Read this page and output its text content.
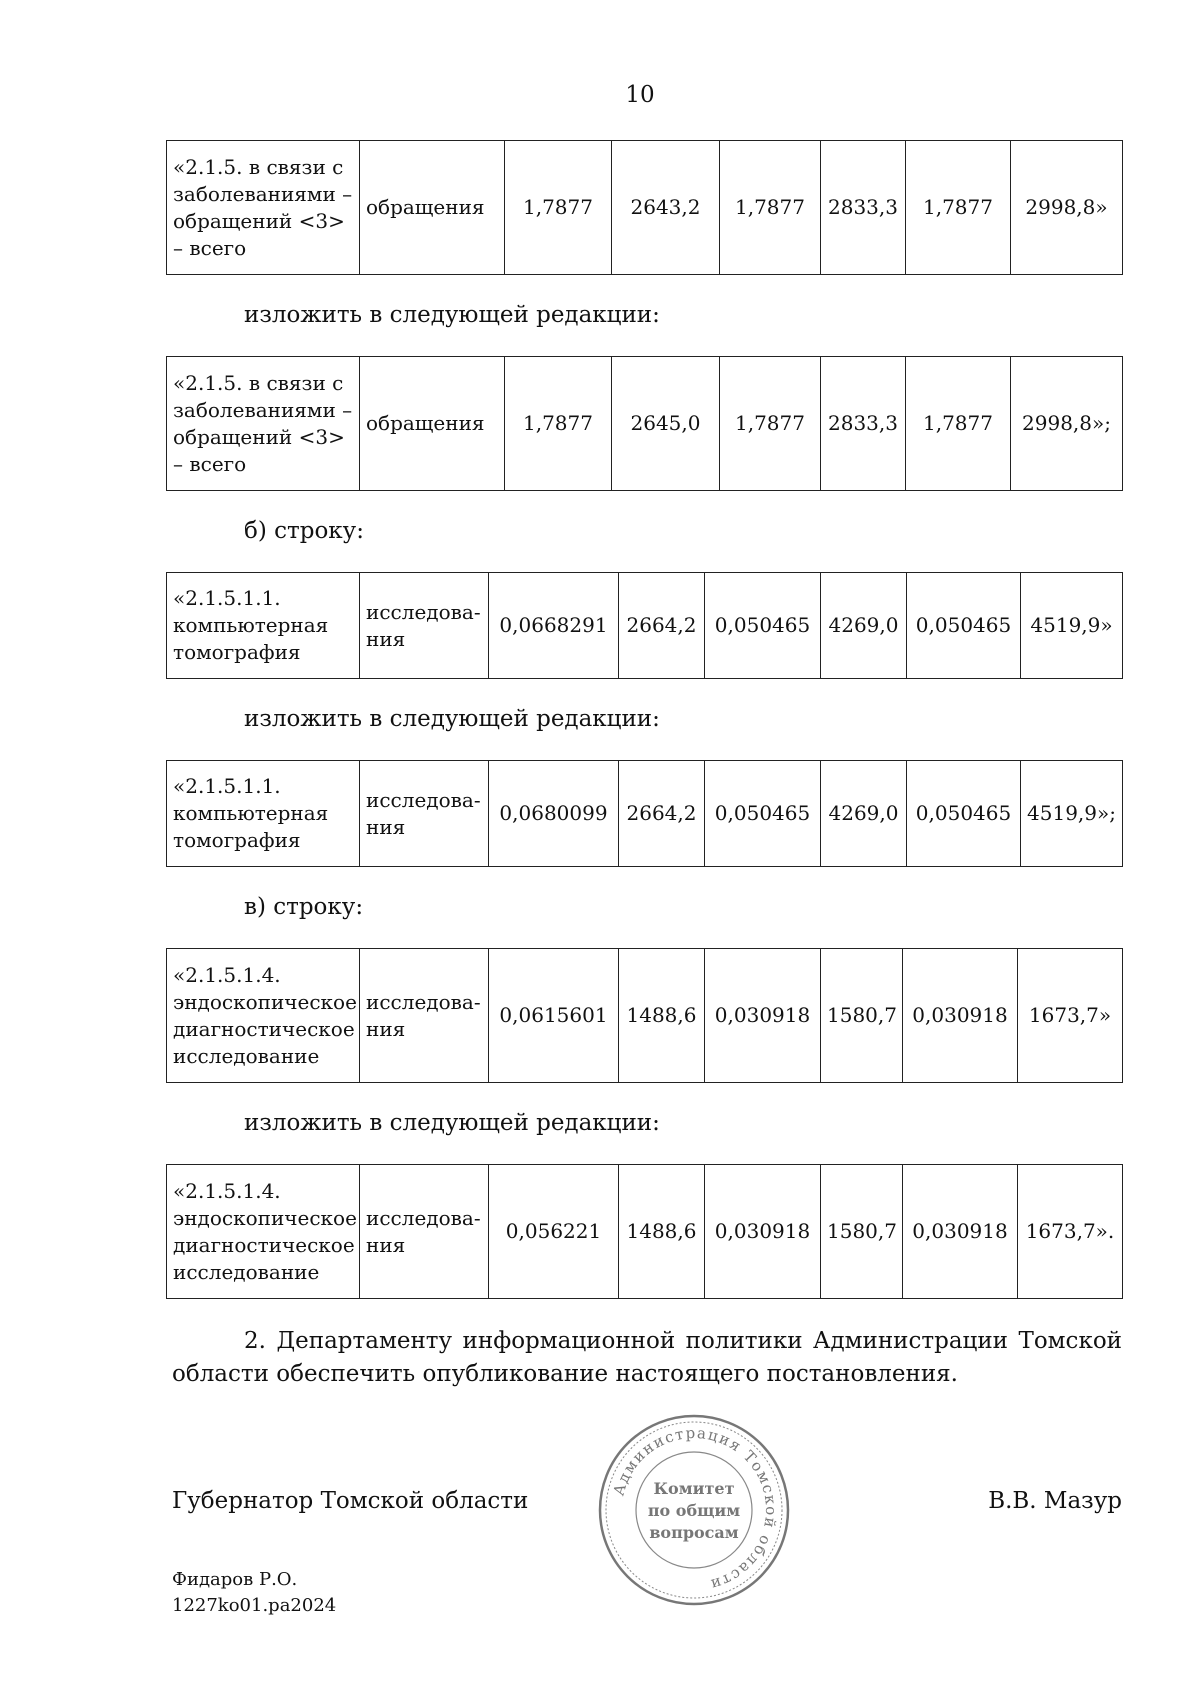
10
«2.1.5. в связи с заболеваниями – обращений <3> – всего	обращения	1,7877	2643,2	1,7877	2833,3	1,7877	2998,8»
изложить в следующей редакции:
«2.1.5. в связи с заболеваниями – обращений <3> – всего	обращения	1,7877	2645,0	1,7877	2833,3	1,7877	2998,8»;
б) строку:
«2.1.5.1.1. компьютерная томография	исследова-ния	0,0668291	2664,2	0,050465	4269,0	0,050465	4519,9»
изложить в следующей редакции:
«2.1.5.1.1. компьютерная томография	исследова-ния	0,0680099	2664,2	0,050465	4269,0	0,050465	4519,9»;
в) строку:
«2.1.5.1.4. эндоскопическое диагностическое исследование	исследова-ния	0,0615601	1488,6	0,030918	1580,7	0,030918	1673,7»
изложить в следующей редакции:
«2.1.5.1.4. эндоскопическое диагностическое исследование	исследова-ния	0,056221	1488,6	0,030918	1580,7	0,030918	1673,7».
2. Департаменту информационной политики Администрации Томской
области обеспечить опубликование настоящего постановления.
Губернатор Томской области	В.В. Мазур
Администрация Томской области
Комитет
по общим
вопросам
Фидаров Р.О.
1227ko01.pa2024
